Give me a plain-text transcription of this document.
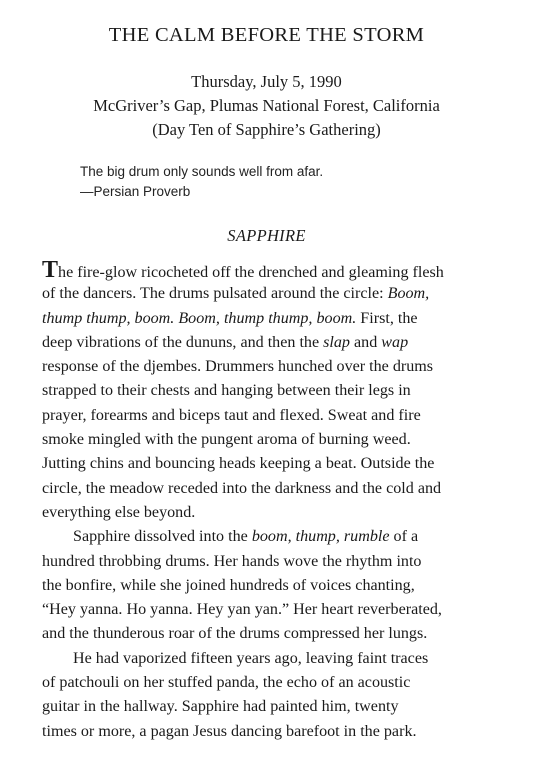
THE CALM BEFORE THE STORM
Thursday, July 5, 1990
McGriver’s Gap, Plumas National Forest, California
(Day Ten of Sapphire’s Gathering)
The big drum only sounds well from afar.
—Persian Proverb
SAPPHIRE
The fire-glow ricocheted off the drenched and gleaming flesh
of the dancers. The drums pulsated around the circle: Boom,
thump thump, boom. Boom, thump thump, boom. First, the
deep vibrations of the dununs, and then the slap and wap
response of the djembes. Drummers hunched over the drums
strapped to their chests and hanging between their legs in
prayer, forearms and biceps taut and flexed. Sweat and fire
smoke mingled with the pungent aroma of burning weed.
Jutting chins and bouncing heads keeping a beat. Outside the
circle, the meadow receded into the darkness and the cold and
everything else beyond.
Sapphire dissolved into the boom, thump, rumble of a
hundred throbbing drums. Her hands wove the rhythm into
the bonfire, while she joined hundreds of voices chanting,
“Hey yanna. Ho yanna. Hey yan yan.” Her heart reverberated,
and the thunderous roar of the drums compressed her lungs.
He had vaporized fifteen years ago, leaving faint traces
of patchouli on her stuffed panda, the echo of an acoustic
guitar in the hallway. Sapphire had painted him, twenty
times or more, a pagan Jesus dancing barefoot in the park.
